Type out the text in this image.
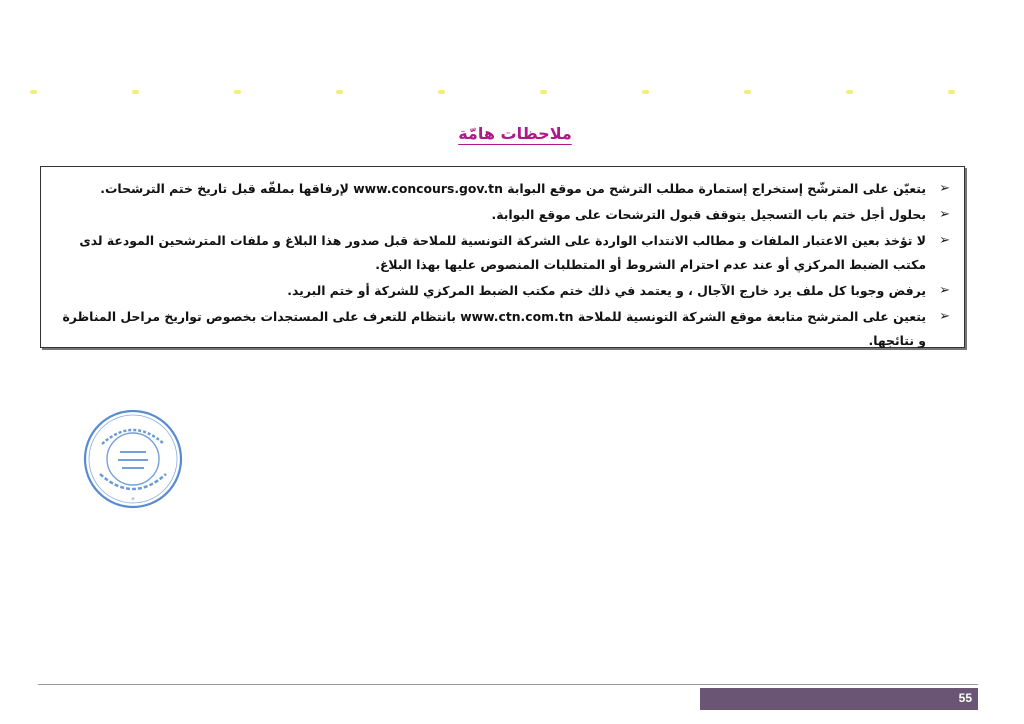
ملاحظات هامّة
➢
يتعيّن على المترشّح إستخراج إستمارة مطلب الترشح من موقع البوابة www.concours.gov.tn لإرفاقها بملفّه قبل تاريخ ختم الترشحات.
➢
بحلول أجل ختم باب التسجيل يتوقف قبول الترشحات على موقع البوابة.
➢
لا تؤخذ بعين الاعتبار الملفات و مطالب الانتداب الواردة على الشركة التونسية للملاحة قبل صدور هذا البلاغ و ملفات المترشحين المودعة لدى مكتب الضبط المركزي أو عند عدم احترام الشروط أو المتطلبات المنصوص عليها بهذا البلاغ.
➢
يرفض وجوبا كل ملف يرد خارج الآجال ، و يعتمد في ذلك ختم مكتب الضبط المركزي للشركة أو ختم البريد.
➢
يتعين على المترشح متابعة موقع الشركة التونسية للملاحة www.ctn.com.tn بانتظام للتعرف على المستجدات بخصوص تواريخ مراحل المناظرة و نتائجها.
*
55
